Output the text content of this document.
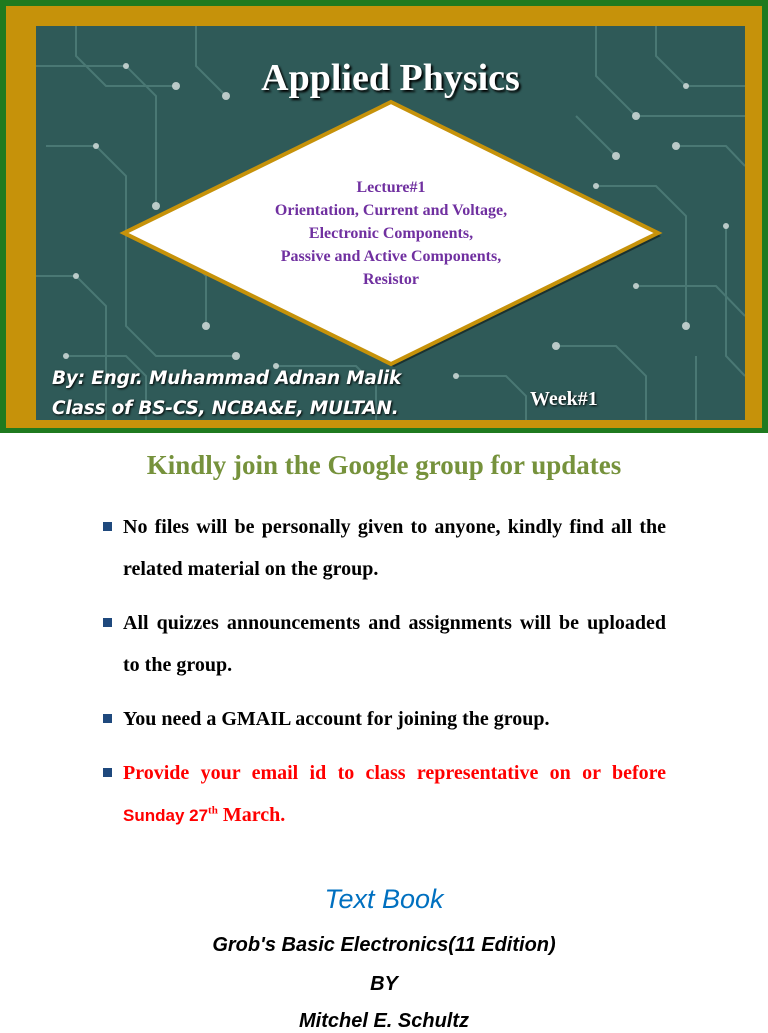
Applied Physics
Lecture#1
Orientation, Current and Voltage,
Electronic Components,
Passive and Active Components,
Resistor
By: Engr. Muhammad Adnan Malik
Class of BS-CS, NCBA&E, MULTAN.	Week#1
Kindly join the Google group for updates
No files will be personally given to anyone, kindly find all the related material on the group.
All quizzes announcements and assignments will be uploaded to the group.
You need a GMAIL account for joining the group.
Provide your email id to class representative on or before Sunday 27th March.
Text Book
Grob's Basic Electronics(11 Edition)
BY
Mitchel E. Schultz
